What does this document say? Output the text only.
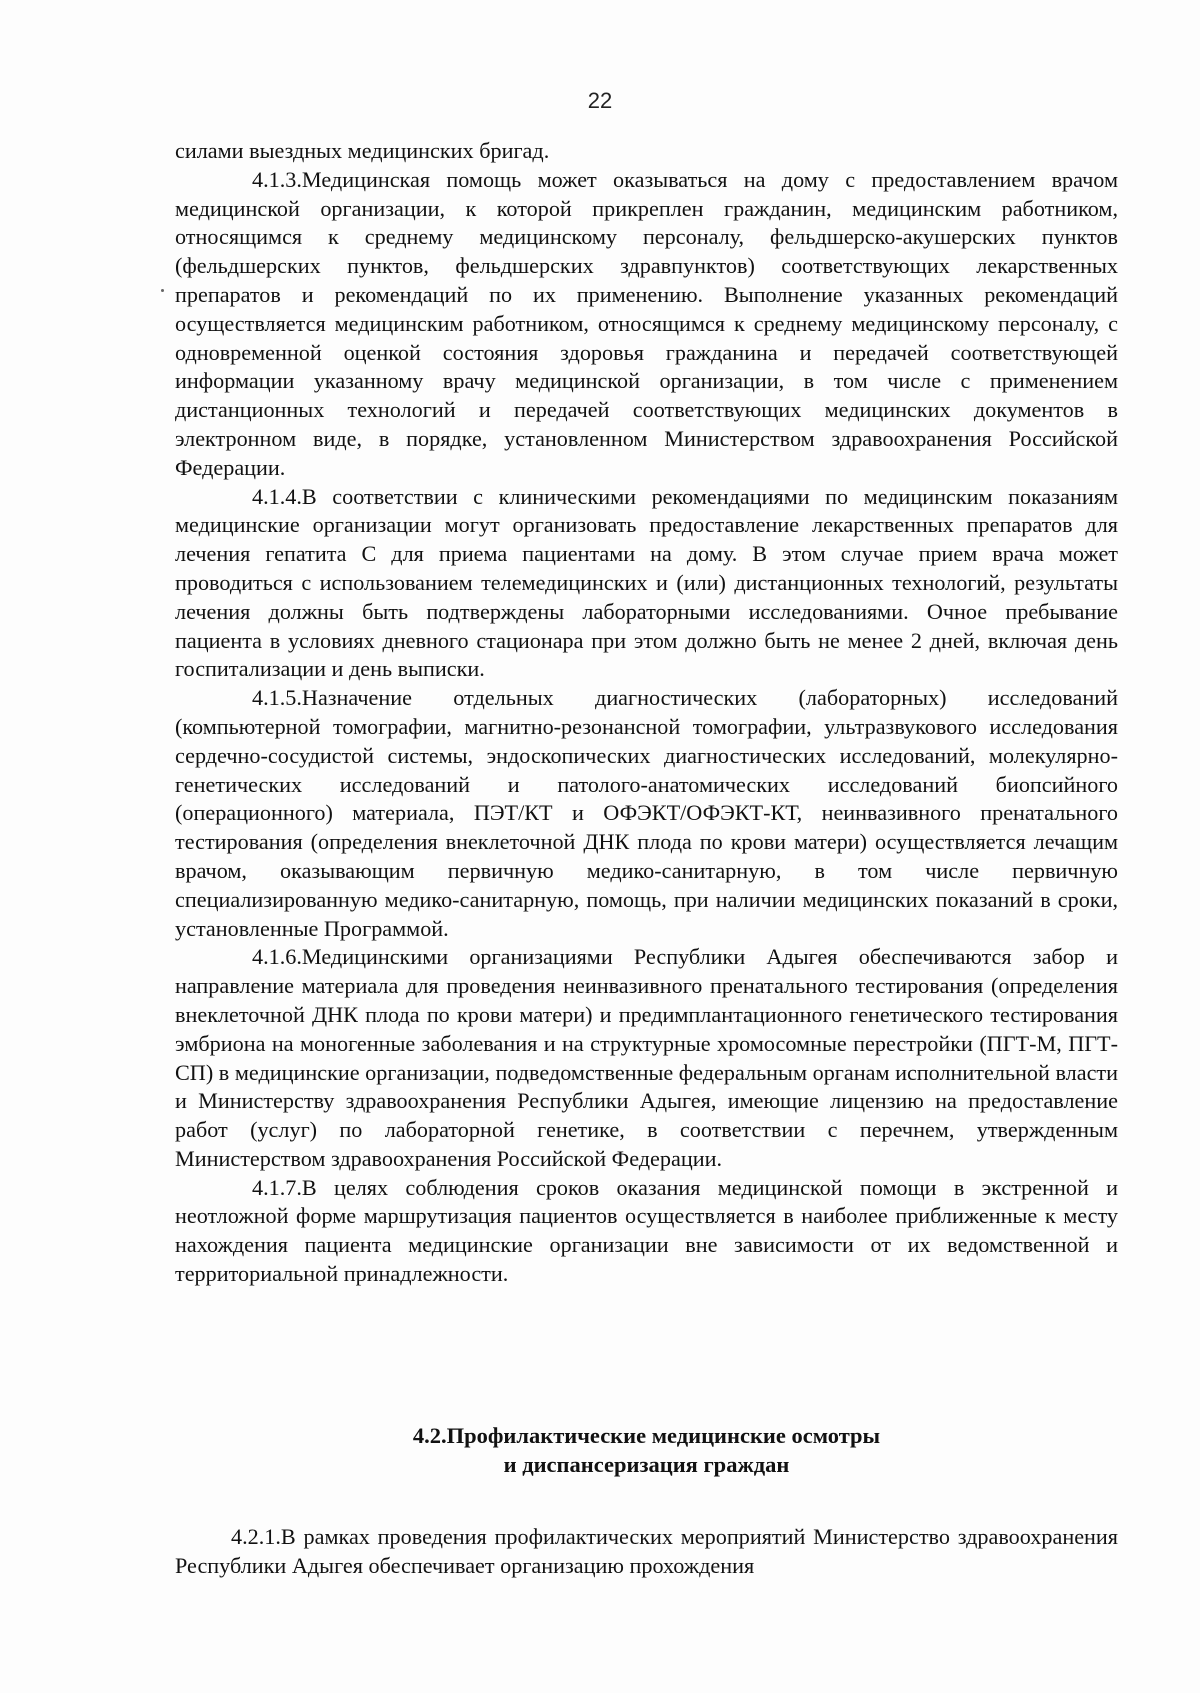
22

силами выездных медицинских бригад.

4.1.3.Медицинская помощь может оказываться на дому с предоставлением врачом медицинской организации, к которой прикреплен гражданин, медицинским работником, относящимся к среднему медицинскому персоналу, фельдшерско-акушерских пунктов (фельдшерских пунктов, фельдшерских здравпунктов) соответствующих лекарственных препаратов и рекомендаций по их применению. Выполнение указанных рекомендаций осуществляется медицинским работником, относящимся к среднему медицинскому персоналу, с одновременной оценкой состояния здоровья гражданина и передачей соответствующей информации указанному врачу медицинской организации, в том числе с применением дистанционных технологий и передачей соответствующих медицинских документов в электронном виде, в порядке, установленном Министерством здравоохранения Российской Федерации.

4.1.4.В соответствии с клиническими рекомендациями по медицинским показаниям медицинские организации могут организовать предоставление лекарственных препаратов для лечения гепатита С для приема пациентами на дому. В этом случае прием врача может проводиться с использованием телемедицинских и (или) дистанционных технологий, результаты лечения должны быть подтверждены лабораторными исследованиями. Очное пребывание пациента в условиях дневного стационара при этом должно быть не менее 2 дней, включая день госпитализации и день выписки.

4.1.5.Назначение отдельных диагностических (лабораторных) исследований (компьютерной томографии, магнитно-резонансной томографии, ультразвукового исследования сердечно-сосудистой системы, эндоскопических диагностических исследований, молекулярно-генетических исследований и патолого-анатомических исследований биопсийного (операционного) материала, ПЭТ/КТ и ОФЭКТ/ОФЭКТ-КТ, неинвазивного пренатального тестирования (определения внеклеточной ДНК плода по крови матери) осуществляется лечащим врачом, оказывающим первичную медико-санитарную, в том числе первичную специализированную медико-санитарную, помощь, при наличии медицинских показаний в сроки, установленные Программой.

4.1.6.Медицинскими организациями Республики Адыгея обеспечиваются забор и направление материала для проведения неинвазивного пренатального тестирования (определения внеклеточной ДНК плода по крови матери) и предимплантационного генетического тестирования эмбриона на моногенные заболевания и на структурные хромосомные перестройки (ПГТ-М, ПГТ-СП) в медицинские организации, подведомственные федеральным органам исполнительной власти и Министерству здравоохранения Республики Адыгея, имеющие лицензию на предоставление работ (услуг) по лабораторной генетике, в соответствии с перечнем, утвержденным Министерством здравоохранения Российской Федерации.

4.1.7.В целях соблюдения сроков оказания медицинской помощи в экстренной и неотложной форме маршрутизация пациентов осуществляется в наиболее приближенные к месту нахождения пациента медицинские организации вне зависимости от их ведомственной и территориальной принадлежности.

4.2.Профилактические медицинские осмотры
и диспансеризация граждан

4.2.1.В рамках проведения профилактических мероприятий Министерство здравоохранения Республики Адыгея обеспечивает организацию прохождения
